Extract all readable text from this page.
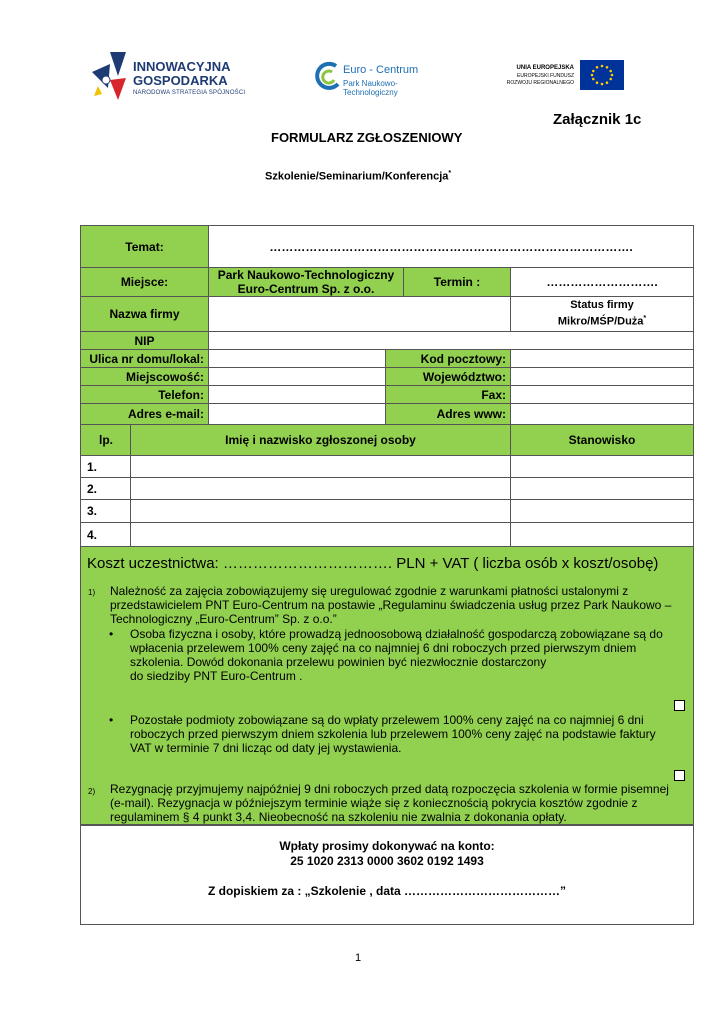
INNOWACYJNA
GOSPODARKA
NARODOWA STRATEGIA SPÓJNOŚCI
Euro - Centrum
Park Naukowo-Technologiczny
UNIA EUROPEJSKA
EUROPEJSKI FUNDUSZ
ROZWOJU REGIONALNEGO
Załącznik 1c
FORMULARZ ZGŁOSZENIOWY
Szkolenie/Seminarium/Konferencja*
Temat:	……………………………………………………………………………….
Miejsce:	Park Naukowo-Technologiczny
Euro-Centrum Sp. z o.o.	Termin :	……………………….
Nazwa firmy
Status firmy
Mikro/MŚP/Duża*
NIP
Ulica nr domu/lokal:	Kod pocztowy:
Miejscowość:	Województwo:
Telefon:	Fax:
Adres e-mail:	Adres www:
lp.	Imię i nazwisko zgłoszonej osoby	Stanowisko
1.
2.
3.
4.
Koszt uczestnictwa: ……………………………. PLN + VAT ( liczba osób x koszt/osobę)
1) Należność za zajęcia zobowiązujemy się uregulować zgodnie z warunkami płatności ustalonymi z
przedstawicielem PNT Euro-Centrum na postawie „Regulaminu świadczenia usług przez Park Naukowo –
Technologiczny „Euro-Centrum” Sp. z o.o.”
• Osoba fizyczna i osoby, które prowadzą jednoosobową działalność gospodarczą zobowiązane są do
wpłacenia przelewem 100% ceny zajęć na co najmniej 6 dni roboczych przed pierwszym dniem
szkolenia. Dowód dokonania przelewu powinien być niezwłocznie dostarczony
do siedziby PNT Euro-Centrum .
• Pozostałe podmioty zobowiązane są do wpłaty przelewem 100% ceny zajęć na co najmniej 6 dni
roboczych przed pierwszym dniem szkolenia lub przelewem 100% ceny zajęć na podstawie faktury
VAT w terminie 7 dni licząc od daty jej wystawienia.
2) Rezygnację przyjmujemy najpóźniej 9 dni roboczych przed datą rozpoczęcia szkolenia w formie pisemnej
(e-mail). Rezygnacja w późniejszym terminie wiąże się z koniecznością pokrycia kosztów zgodnie z
regulaminem § 4 punkt 3,4. Nieobecność na szkoleniu nie zwalnia z dokonania opłaty.
Wpłaty prosimy dokonywać na konto:
25 1020 2313 0000 3602 0192 1493
Z dopiskiem za : „Szkolenie , data …………………………………”
1
